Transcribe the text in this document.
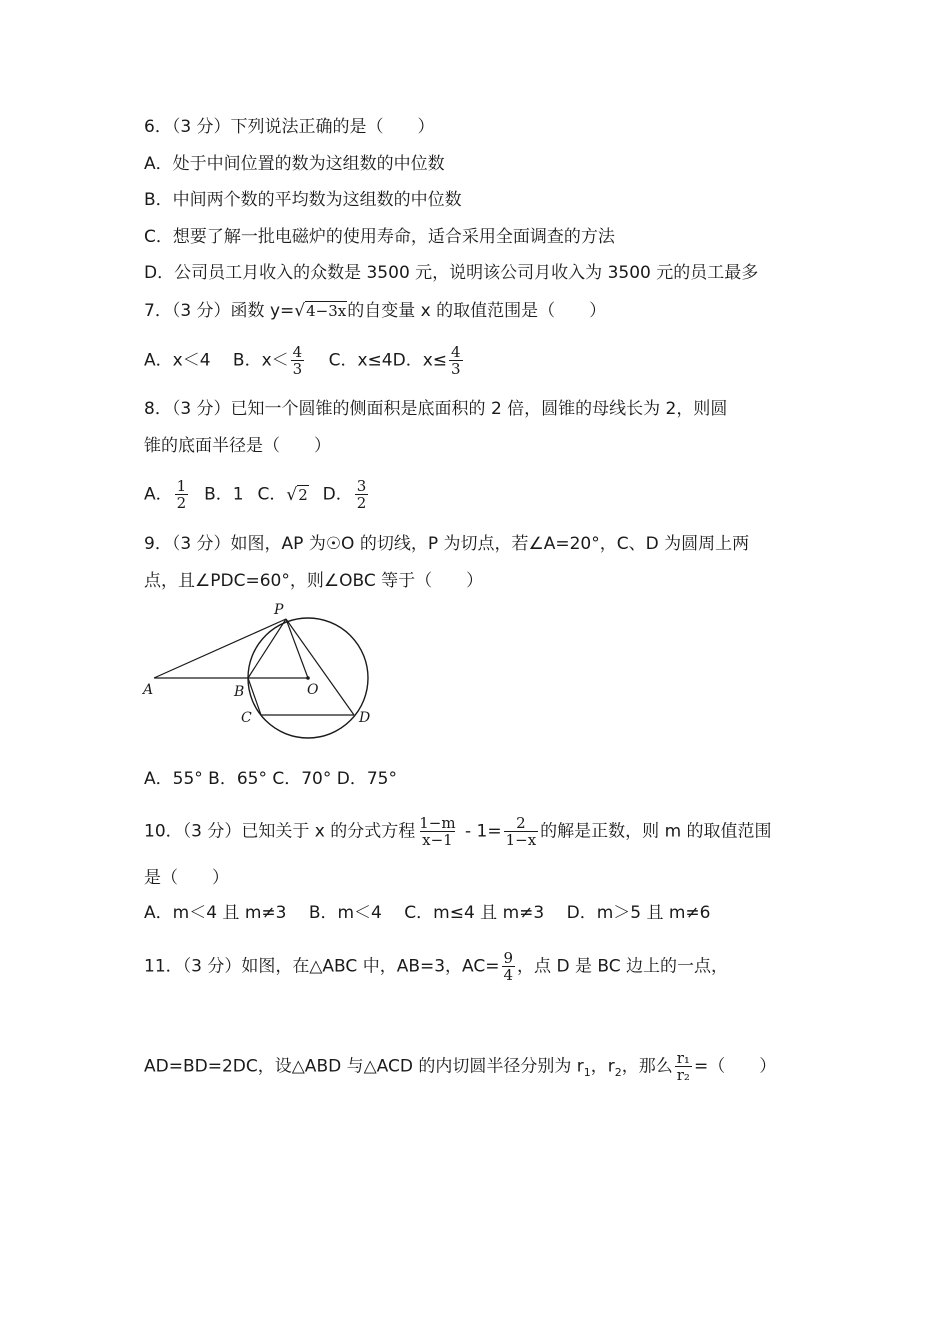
6．（3 分）下列说法正确的是（　　）
A．处于中间位置的数为这组数的中位数
B．中间两个数的平均数为这组数的中位数
C．想要了解一批电磁炉的使用寿命，适合采用全面调查的方法
D．公司员工月收入的众数是 3500 元，说明该公司月收入为 3500 元的员工最多
7．（3 分）函数 y=√4−3x的自变量 x 的取值范围是（　　）
A．x＜4  B．$x< \frac{4}{3}$
  C．x≤4D．$x\le \frac{4}{3}$
8．（3 分）已知一个圆锥的侧面积是底面积的 2 倍，圆锥的母线长为 2，则圆
锥的底面半径是（　　）
A． $\frac{1}{2}$
  B．1  C．√2  D． $\frac{3}{2}$
9．（3 分）如图，AP 为☉O 的切线，P 为切点，若∠A=20°，C、D 为圆周上两
点，且∠PDC=60°，则∠OBC 等于（　　）
P
A	B	O
C	D
A．55° B．65° C．70° D．75°
10．（3 分）已知关于 x 的分式方程 $\frac{1-m}{x-1} - 1= \frac{2}{1-x}$ 的解是正数，则 m 的取值范围
是（　　）
A．m＜4 且 m≠3　 B．m＜4　 C．m≤4 且 m≠3　 D．m＞5 且 m≠6
11．（3 分）如图，在△ABC 中，AB=3，$AC= \frac{9}{4}$ ，点 D 是 BC 边上的一点，
AD=BD=2DC，设△ABD 与△ACD 的内切圆半径分别为 $r_1$，$r_2$，那么 $\frac{\text{r₁}}{\text{r₂}}$ =（　　）
